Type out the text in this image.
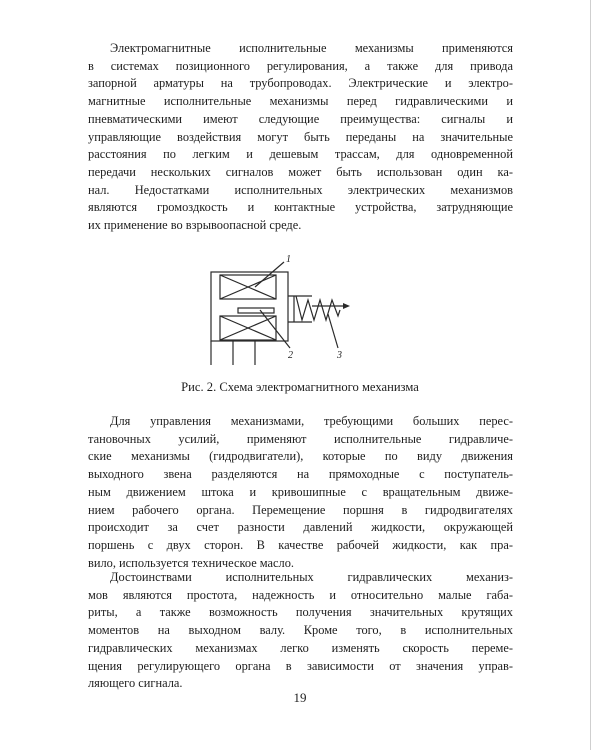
Электромагнитные исполнительные механизмы применяются
в системах позиционного регулирования, а также для привода
запорной арматуры на трубопроводах. Электрические и электро-
магнитные исполнительные механизмы перед гидравлическими и
пневматическими имеют следующие преимущества: сигналы и
управляющие воздействия могут быть переданы на значительные
расстояния по легким и дешевым трассам, для одновременной
передачи нескольких сигналов может быть использован один ка-
нал. Недостатками исполнительных электрических механизмов
являются громоздкость и контактные устройства, затрудняющие
их применение во взрывоопасной среде.

1
2	3
Рис. 2. Схема электромагнитного механизма

Для управления механизмами, требующими больших перес-
тановочных усилий, применяют исполнительные гидравличе-
ские механизмы (гидродвигатели), которые по виду движения
выходного звена разделяются на прямоходные с поступатель-
ным движением штока и кривошипные с вращательным движе-
нием рабочего органа. Перемещение поршня в гидродвигателях
происходит за счет разности давлений жидкости, окружающей
поршень с двух сторон. В качестве рабочей жидкости, как пра-
вило, используется техническое масло.

Достоинствами исполнительных гидравлических механиз-
мов являются простота, надежность и относительно малые габа-
риты, а также возможность получения значительных крутящих
моментов на выходном валу. Кроме того, в исполнительных
гидравлических механизмах легко изменять скорость переме-
щения регулирующего органа в зависимости от значения управ-
ляющего сигнала.

19
